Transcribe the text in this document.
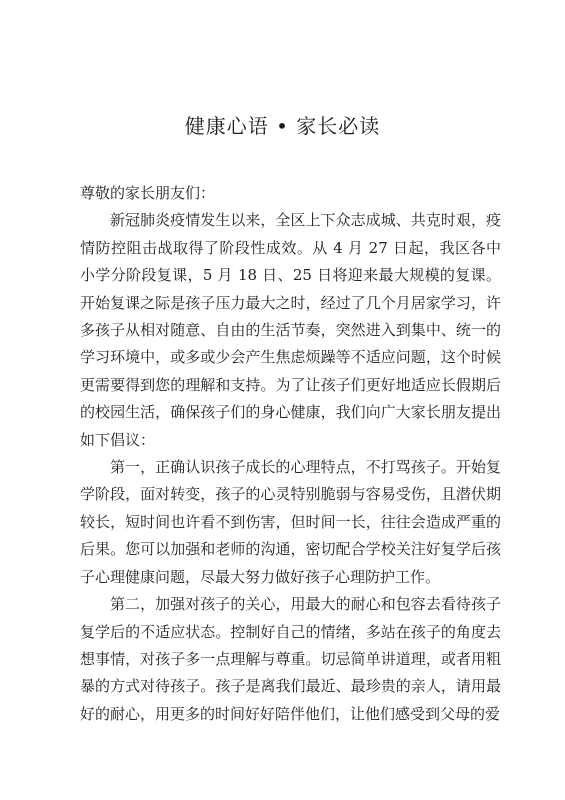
健康心语 • 家长必读

尊敬的家长朋友们：

新冠肺炎疫情发生以来，全区上下众志成城、共克时艰，疫情防控阻击战取得了阶段性成效。从 4 月 27 日起，我区各中小学分阶段复课，5 月 18 日、25 日将迎来最大规模的复课。开始复课之际是孩子压力最大之时，经过了几个月居家学习，许多孩子从相对随意、自由的生活节奏，突然进入到集中、统一的学习环境中，或多或少会产生焦虑烦躁等不适应问题，这个时候更需要得到您的理解和支持。为了让孩子们更好地适应长假期后的校园生活，确保孩子们的身心健康，我们向广大家长朋友提出如下倡议：

第一，正确认识孩子成长的心理特点，不打骂孩子。开始复学阶段，面对转变，孩子的心灵特别脆弱与容易受伤，且潜伏期 较长，短时间也许看不到伤害，但时间一长，往往会造成严重的 后果。您可以加强和老师的沟通，密切配合学校关注好复学后孩 子心理健康问题，尽最大努力做好孩子心理防护工作。

第二，加强对孩子的关心，用最大的耐心和包容去看待孩子 复学后的不适应状态。控制好自己的情绪，多站在孩子的角度去 想事情，对孩子多一点理解与尊重。切忌简单讲道理，或者用粗 暴的方式对待孩子。孩子是离我们最近、最珍贵的亲人，请用最 好的耐心，用更多的时间好好陪伴他们，让他们感受到父母的爱
